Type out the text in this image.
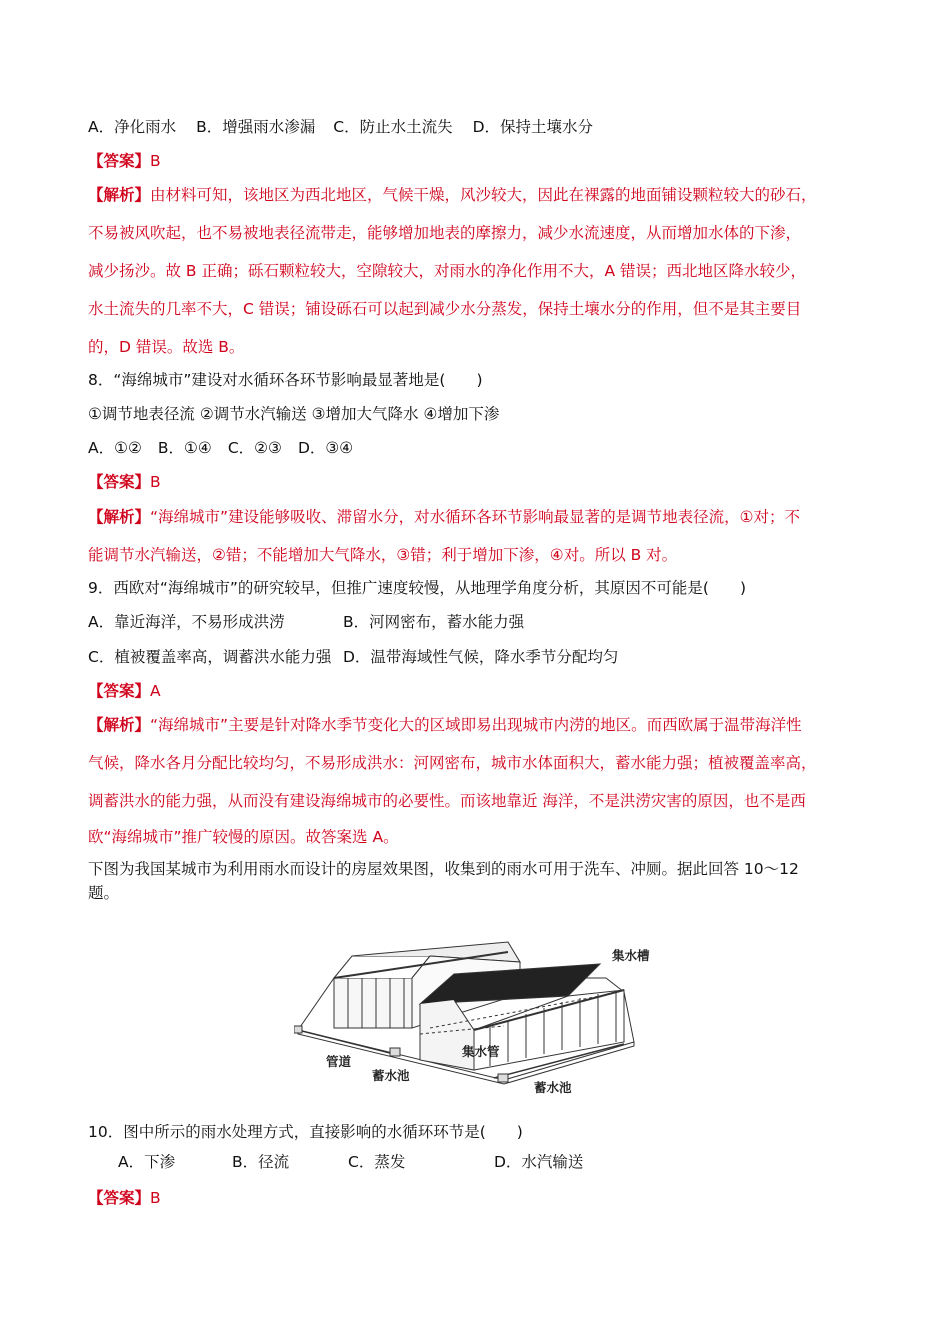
A．净化雨水 B．增强雨水渗漏 C．防止水土流失 D．保持土壤水分
【答案】B
【解析】由材料可知，该地区为西北地区，气候干燥，风沙较大，因此在裸露的地面铺设颗粒较大的砂石，
不易被风吹起，也不易被地表径流带走，能够增加地表的摩擦力，减少水流速度，从而增加水体的下渗，
减少扬沙。故 B 正确；砾石颗粒较大，空隙较大，对雨水的净化作用不大，A 错误；西北地区降水较少，
水土流失的几率不大，C 错误；铺设砾石可以起到减少水分蒸发，保持土壤水分的作用，但不是其主要目
的，D 错误。故选 B。
8．“海绵城市”建设对水循环各环节影响最显著地是(　　)
①调节地表径流 ②调节水汽输送 ③增加大气降水 ④增加下渗
A．①② B．①④ C．②③ D．③④
【答案】B
【解析】“海绵城市”建设能够吸收、滞留水分，对水循环各环节影响最显著的是调节地表径流，①对；不
能调节水汽输送，②错；不能增加大气降水，③错；利于增加下渗，④对。所以 B 对。
9．西欧对“海绵城市”的研究较早，但推广速度较慢，从地理学角度分析，其原因不可能是(　　)
A．靠近海洋，不易形成洪涝	B．河网密布，蓄水能力强
C．植被覆盖率高，调蓄洪水能力强 D．温带海域性气候，降水季节分配均匀
【答案】A
【解析】“海绵城市”主要是针对降水季节变化大的区域即易出现城市内涝的地区。而西欧属于温带海洋性
气候，降水各月分配比较均匀，不易形成洪水：河网密布，城市水体面积大，蓄水能力强；植被覆盖率高，
调蓄洪水的能力强，从而没有建设海绵城市的必要性。而该地靠近 海洋，不是洪涝灾害的原因，也不是西
欧“海绵城市”推广较慢的原因。故答案选 A。
下图为我国某城市为利用雨水而设计的房屋效果图，收集到的雨水可用于洗车、冲厕。据此回答 10～12
题。
集水槽
集水管
管道
蓄水池
蓄水池
10．图中所示的雨水处理方式，直接影响的水循环环节是(　　)
A．下渗	B．径流	C．蒸发	D．水汽输送
【答案】B
